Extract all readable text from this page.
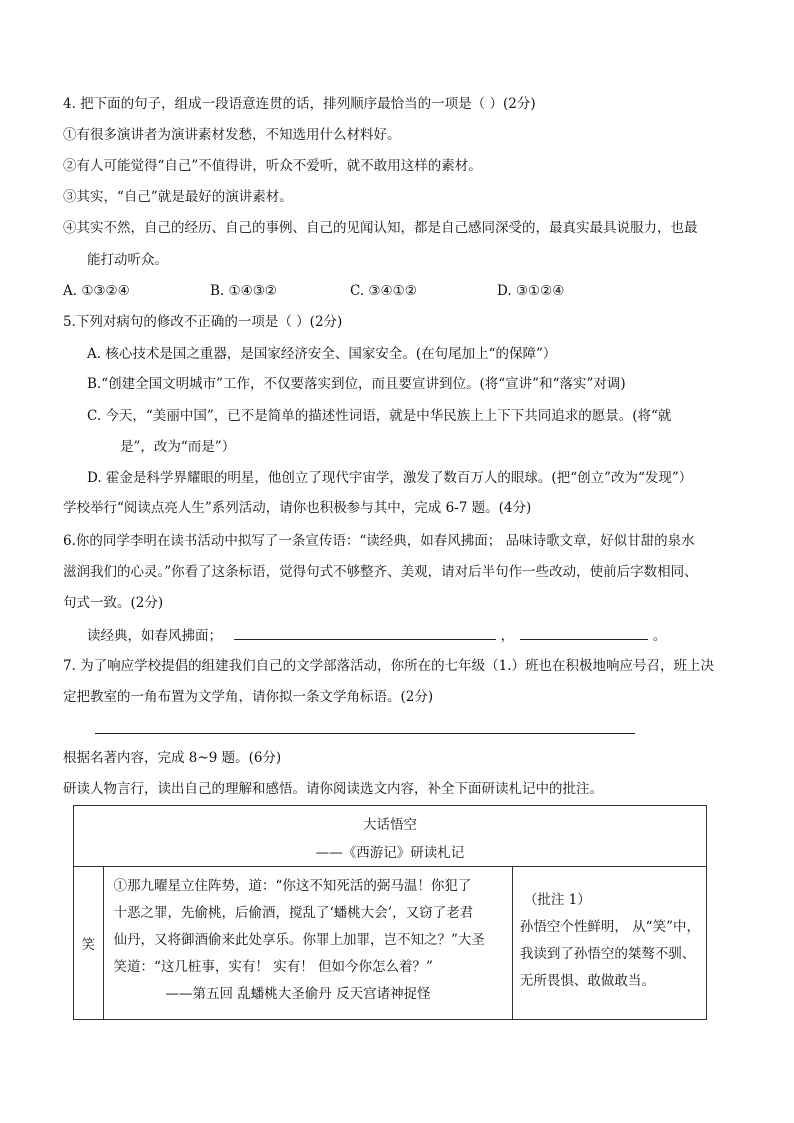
4. 把下面的句子，组成一段语意连贯的话，排列顺序最恰当的一项是（ ）(2分)
①有很多演讲者为演讲素材发愁，不知选用什么材料好。
②有人可能觉得“自己”不值得讲，听众不爱听，就不敢用这样的素材。
③其实，“自己”就是最好的演讲素材。
④其实不然，自己的经历、自己的事例、自己的见闻认知，都是自己感同深受的，最真实最具说服力，也最
能打动听众。
A. ①③②④	B. ①④③②	C. ③④①②	D. ③①②④
5.下列对病句的修改不正确的一项是（ ）(2分)
A. 核心技术是国之重器，是国家经济安全、国家安全。(在句尾加上“的保障”）
B.“创建全国文明城市”工作，不仅要落实到位，而且要宣讲到位。(将“宣讲”和“落实”对调)
C. 今天，“美丽中国”，已不是简单的描述性词语，就是中华民族上上下下共同追求的愿景。(将“就
是”，改为“而是”）
D. 霍金是科学界耀眼的明星，他创立了现代宇宙学，激发了数百万人的眼球。(把“创立”改为“发现”）
学校举行“阅读点亮人生”系列活动，请你也积极参与其中，完成 6-7 题。(4分)
6.你的同学李明在读书活动中拟写了一条宣传语：“读经典，如春风拂面； 品味诗歌文章，好似甘甜的泉水
滋润我们的心灵。”你看了这条标语，觉得句式不够整齐、美观，请对后半句作一些改动，使前后字数相同、
句式一致。(2分)
读经典，如春风拂面；	，	。
7. 为了响应学校提倡的组建我们自己的文学部落活动，你所在的七年级（1.）班也在积极地响应号召，班上决
定把教室的一角布置为文学角，请你拟一条文学角标语。(2分)
根据名著内容，完成 8~9 题。(6分)
研读人物言行，读出自己的理解和感悟。请你阅读选文内容，补全下面研读札记中的批注。
大话悟空
——《西游记》研读札记

笑	
①那九曜星立住阵势，道：“你这不知死活的弼马温！你犯了
十恶之罪，先偷桃，后偷酒，搅乱了‘蟠桃大会’，又窃了老君
仙丹，又将御酒偷来此处享乐。你罪上加罪，岂不知之？”大圣
笑道：“这几桩事，实有！ 实有！ 但如今你怎么着？”
——第五回 乱蟠桃大圣偷丹 反天宫诸神捉怪

（批注 1）
孙悟空个性鲜明， 从“笑”中，
我读到了孙悟空的桀骜不驯、
无所畏惧、敢做敢当。
